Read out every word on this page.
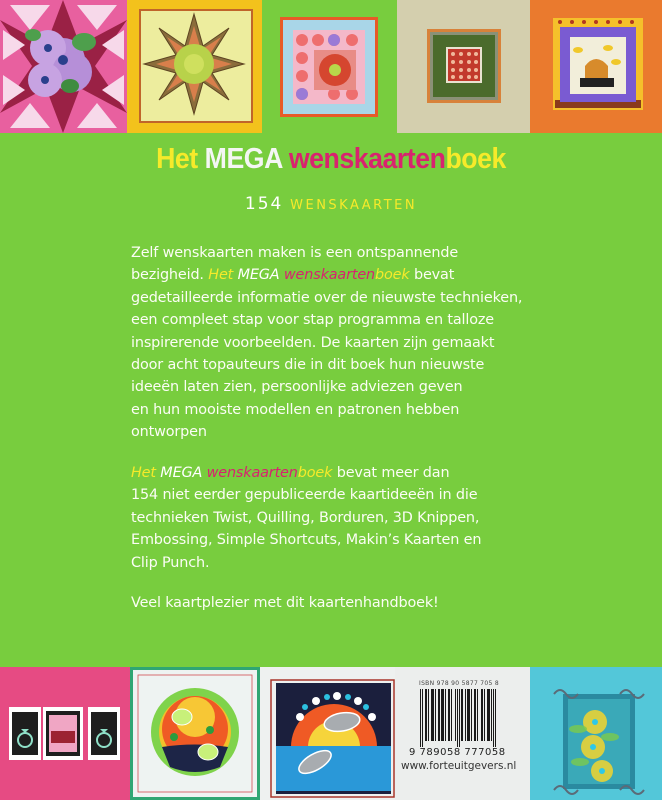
Het MEGA wenskaartenboek
154 WENSKAARTEN
Zelf wenskaarten maken is een ontspannende
bezigheid. Het MEGA wenskaartenboek bevat
gedetailleerde informatie over de nieuwste technieken,
een compleet stap voor stap programma en talloze
inspirerende voorbeelden. De kaarten zijn gemaakt
door acht topauteurs die in dit boek hun nieuwste
ideeën laten zien, persoonlijke adviezen geven
en hun mooiste modellen en patronen hebben
ontworpen
Het MEGA wenskaartenboek bevat meer dan
154 niet eerder gepubliceerde kaartideeën in die
technieken Twist, Quilling, Borduren, 3D Knippen,
Embossing, Simple Shortcuts, Makin’s Kaarten en
Clip Punch.
Veel kaartplezier met dit kaartenhandboek!
ISBN 978 90 5877 705 8
9 789058 777058
www.forteuitgevers.nl
